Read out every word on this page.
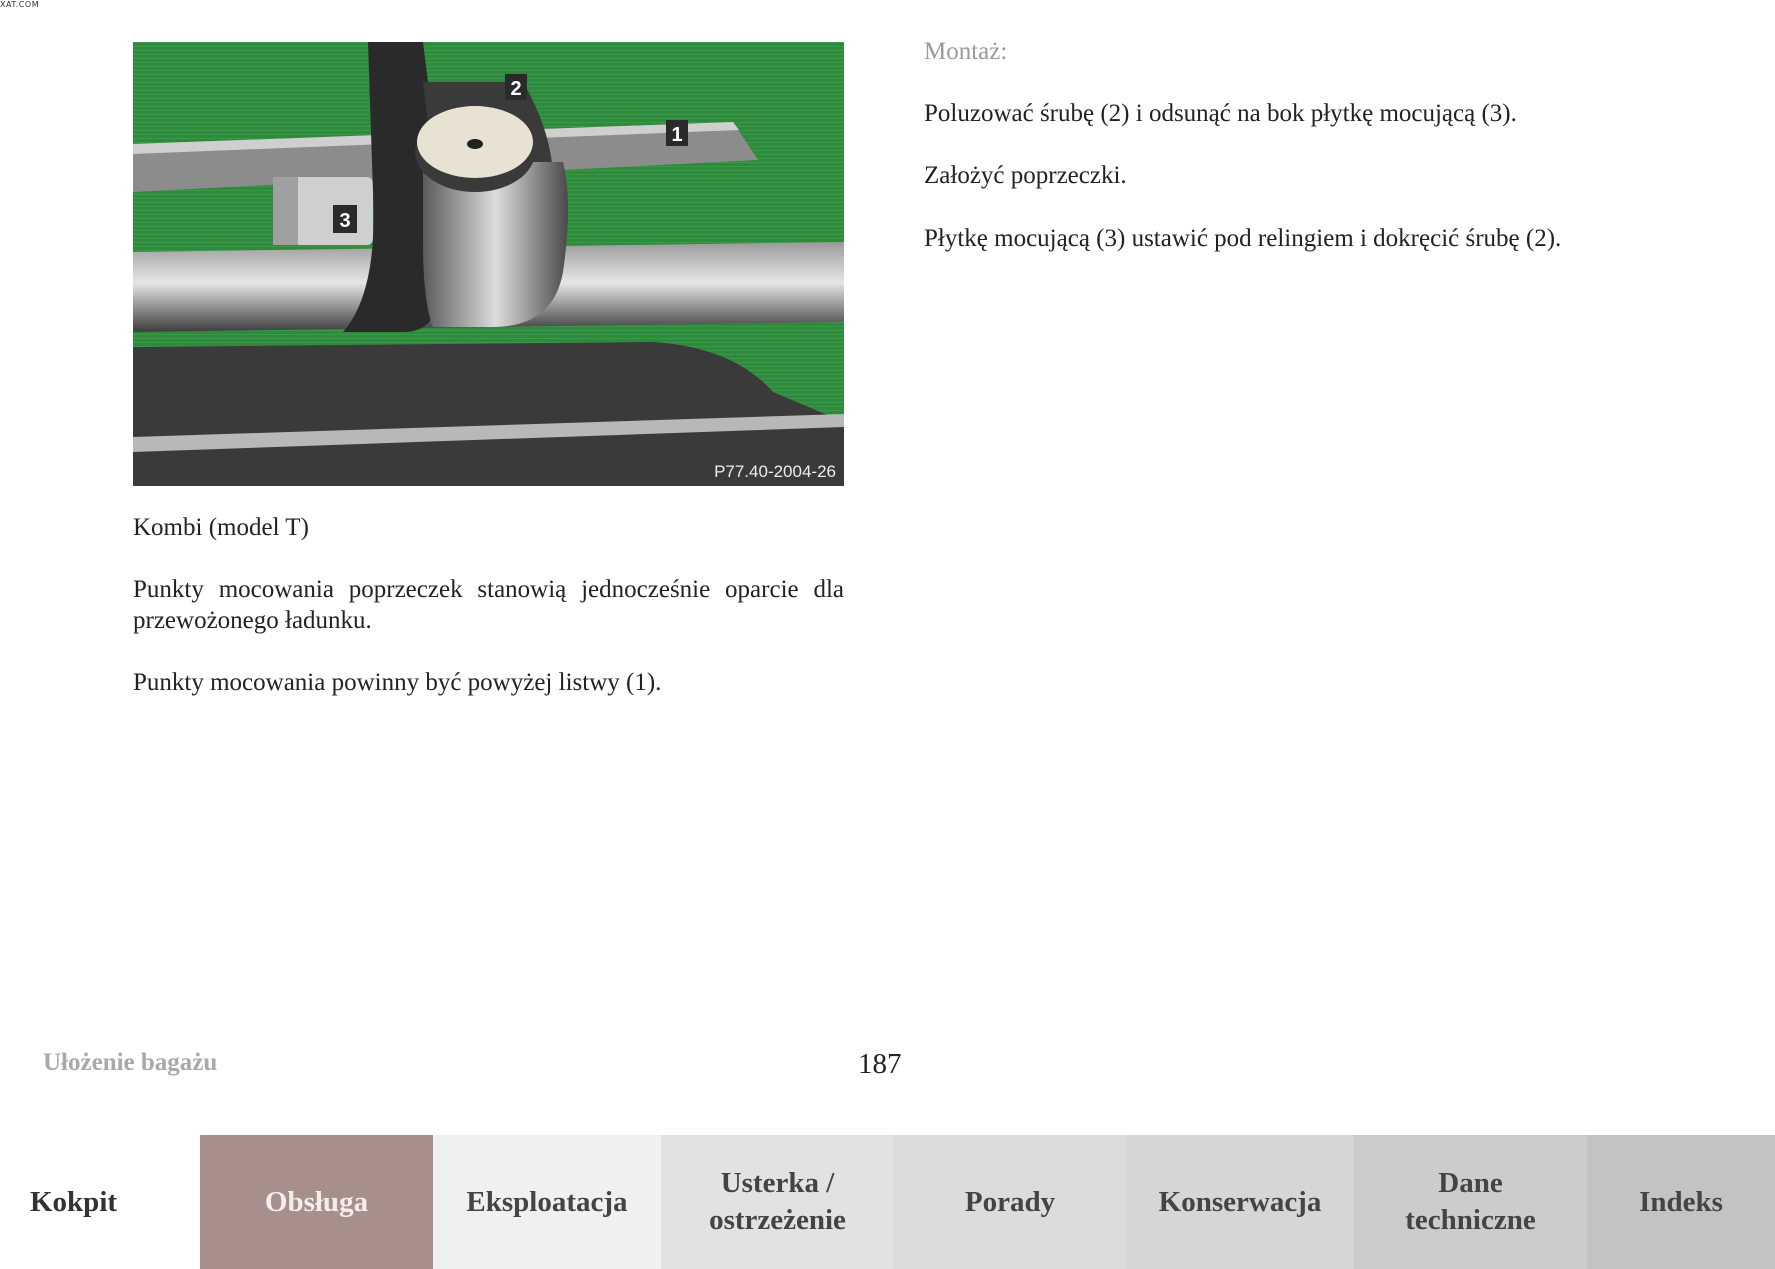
XAT.COM
2
1
3
P77.40-2004-26
Kombi (model T)
Punkty mocowania poprzeczek stanowią jednocześnie oparcie dla przewożonego ładunku.
Punkty mocowania powinny być powyżej listwy (1).
Montaż:
Poluzować śrubę (2) i odsunąć na bok płytkę mocującą (3).
Założyć poprzeczki.
Płytkę mocującą (3) ustawić pod relingiem i dokręcić śrubę (2).
Ułożenie bagażu	187
Kokpit	Obsługa	Eksploatacja
Usterka /
ostrzeżenie
Porady	Konserwacja
Dane
techniczne
Indeks
